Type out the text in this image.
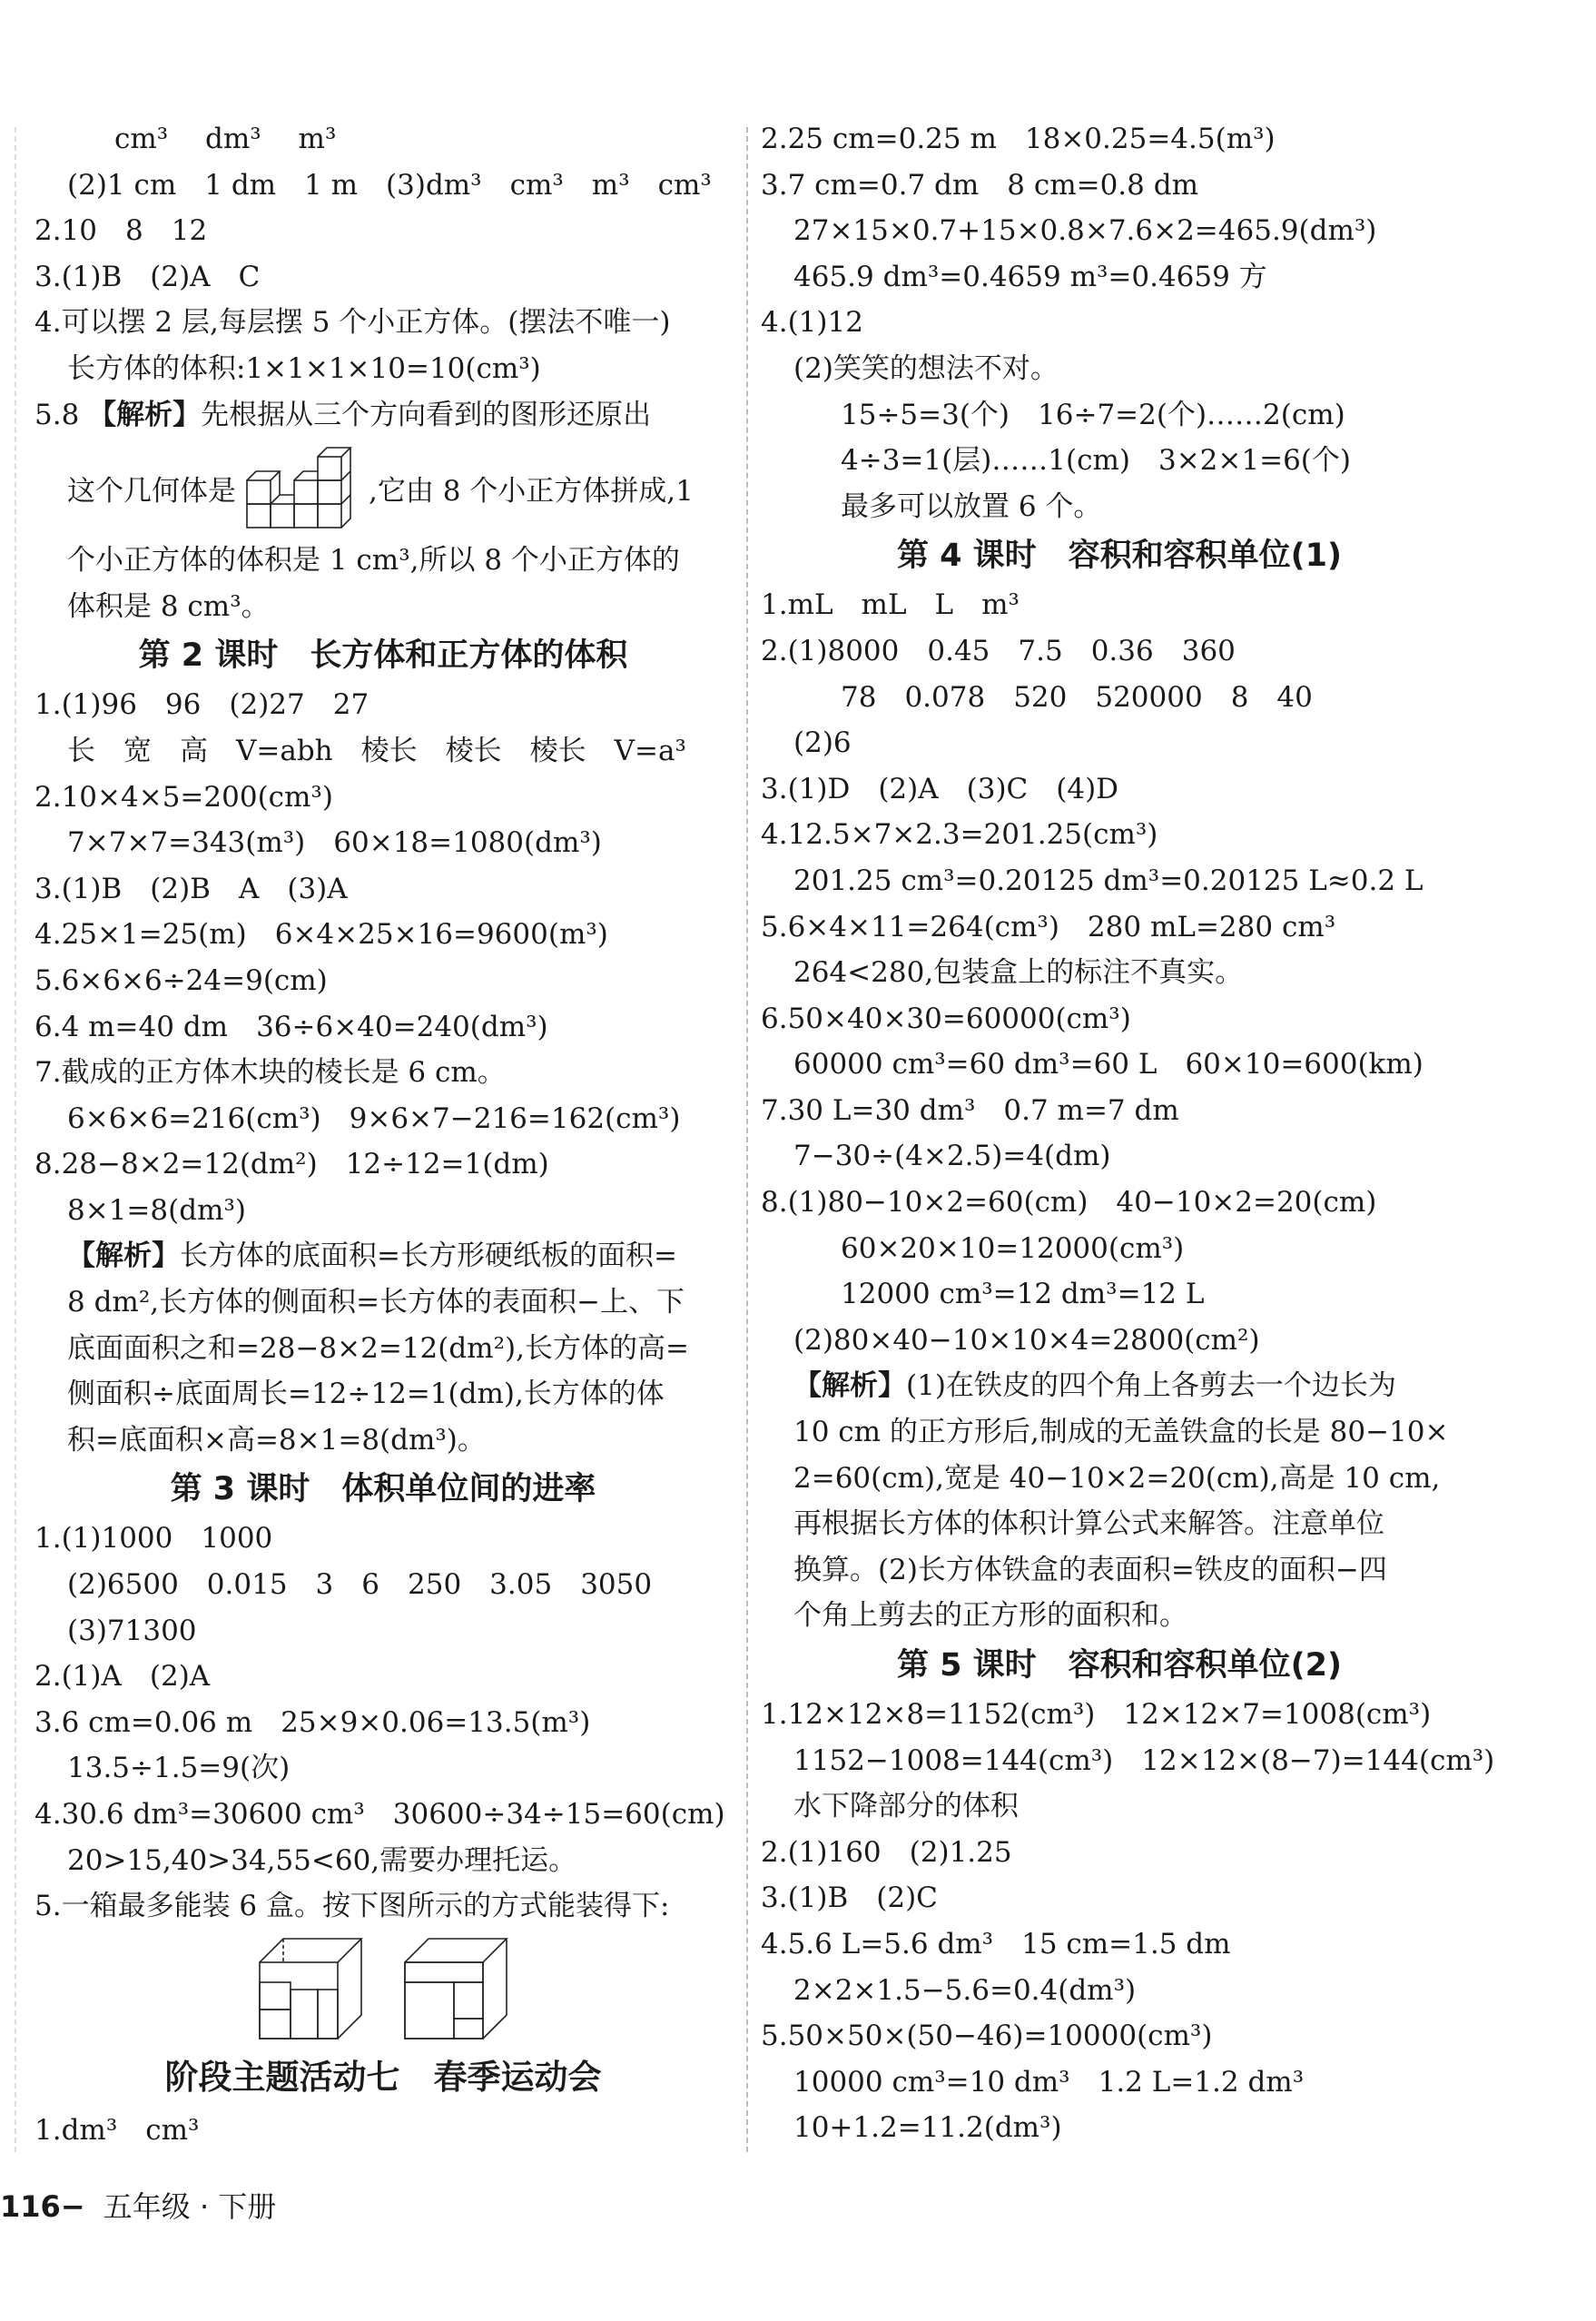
cm³　 dm³　 m³
(2)1 cm　1 dm　1 m　(3)dm³　cm³　m³　cm³
2.10　8　12
3.(1)B　(2)A　C
4.可以摆 2 层,每层摆 5 个小正方体。(摆法不唯一)
长方体的体积:1×1×1×10=10(cm³)
5.8 【解析】先根据从三个方向看到的图形还原出
这个几何体是	,它由 8 个小正方体拼成,1
个小正方体的体积是 1 cm³,所以 8 个小正方体的
体积是 8 cm³。
第 2 课时　长方体和正方体的体积
1.(1)96　96　(2)27　27
长　宽　高　V=abh　棱长　棱长　棱长　V=a³
2.10×4×5=200(cm³)
7×7×7=343(m³)　60×18=1080(dm³)
3.(1)B　(2)B　A　(3)A
4.25×1=25(m)　6×4×25×16=9600(m³)
5.6×6×6÷24=9(cm)
6.4 m=40 dm　36÷6×40=240(dm³)
7.截成的正方体木块的棱长是 6 cm。
6×6×6=216(cm³)　9×6×7−216=162(cm³)
8.28−8×2=12(dm²)　12÷12=1(dm)
8×1=8(dm³)
【解析】长方体的底面积=长方形硬纸板的面积=
8 dm²,长方体的侧面积=长方体的表面积−上、下
底面面积之和=28−8×2=12(dm²),长方体的高=
侧面积÷底面周长=12÷12=1(dm),长方体的体
积=底面积×高=8×1=8(dm³)。
第 3 课时　体积单位间的进率
1.(1)1000　1000
(2)6500　0.015　3　6　250　3.05　3050
(3)71300
2.(1)A　(2)A
3.6 cm=0.06 m　25×9×0.06=13.5(m³)
13.5÷1.5=9(次)
4.30.6 dm³=30600 cm³　30600÷34÷15=60(cm)
20>15,40>34,55<60,需要办理托运。
5.一箱最多能装 6 盒。按下图所示的方式能装得下:
阶段主题活动七　春季运动会
1.dm³　cm³
2.25 cm=0.25 m　18×0.25=4.5(m³)
3.7 cm=0.7 dm　8 cm=0.8 dm
27×15×0.7+15×0.8×7.6×2=465.9(dm³)
465.9 dm³=0.4659 m³=0.4659 方
4.(1)12
(2)笑笑的想法不对。
15÷5=3(个)　16÷7=2(个)……2(cm)
4÷3=1(层)……1(cm)　3×2×1=6(个)
最多可以放置 6 个。
第 4 课时　容积和容积单位(1)
1.mL　mL　L　m³
2.(1)8000　0.45　7.5　0.36　360
78　0.078　520　520000　8　40
(2)6
3.(1)D　(2)A　(3)C　(4)D
4.12.5×7×2.3=201.25(cm³)
201.25 cm³=0.20125 dm³=0.20125 L≈0.2 L
5.6×4×11=264(cm³)　280 mL=280 cm³
264<280,包装盒上的标注不真实。
6.50×40×30=60000(cm³)
60000 cm³=60 dm³=60 L　60×10=600(km)
7.30 L=30 dm³　0.7 m=7 dm
7−30÷(4×2.5)=4(dm)
8.(1)80−10×2=60(cm)　40−10×2=20(cm)
60×20×10=12000(cm³)
12000 cm³=12 dm³=12 L
(2)80×40−10×10×4=2800(cm²)
【解析】(1)在铁皮的四个角上各剪去一个边长为
10 cm 的正方形后,制成的无盖铁盒的长是 80−10×
2=60(cm),宽是 40−10×2=20(cm),高是 10 cm,
再根据长方体的体积计算公式来解答。注意单位
换算。(2)长方体铁盒的表面积=铁皮的面积−四
个角上剪去的正方形的面积和。
第 5 课时　容积和容积单位(2)
1.12×12×8=1152(cm³)　12×12×7=1008(cm³)
1152−1008=144(cm³)　12×12×(8−7)=144(cm³)
水下降部分的体积
2.(1)160　(2)1.25
3.(1)B　(2)C
4.5.6 L=5.6 dm³　15 cm=1.5 dm
2×2×1.5−5.6=0.4(dm³)
5.50×50×(50−46)=10000(cm³)
10000 cm³=10 dm³　1.2 L=1.2 dm³
10+1.2=11.2(dm³)
116− 五年级 · 下册
